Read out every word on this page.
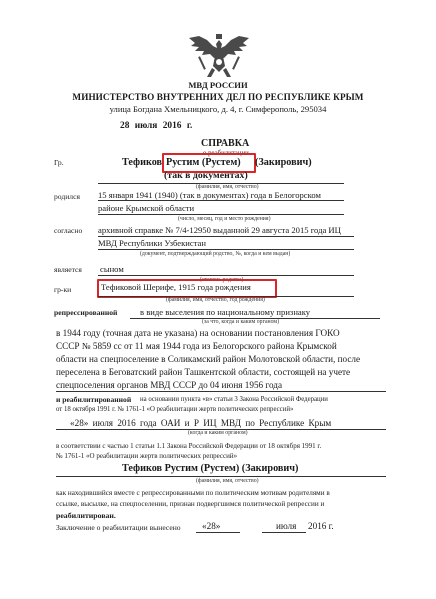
МВД РОССИИ
МИНИСТЕРСТВО ВНУТРЕННИХ ДЕЛ ПО РЕСПУБЛИКЕ КРЫМ
улица Богдана Хмельницкого, д. 4, г. Симферополь, 295034
28 июля 2016 г.
СПРАВКА
о реабилитации
Гр.	Тефиков Рустим (Рустем) (Закирович)
(так в документах)
(фамилия, имя, отчество)
родился 15 января 1941 (1940) (так в документах) года в Белогорском
районе Крымской области
(число, месяц, год и место рождения)
согласно архивной справке № 7/4-12950 выданной 29 августа 2015 года ИЦ
МВД Республики Узбекистан
(документ, подтверждающий родство, №, когда и кем выдан)
является сыном
(степень родства)
гр-ки	Тефиковой Шерифе, 1915 года рождения
(фамилия, имя, отчество, год рождения)
репрессированной	в виде выселения по национальному признаку
(за что, когда и каким органом)
в 1944 году (точная дата не указана) на основании постановления ГОКО
СССР № 5859 сс от 11 мая 1944 года из Белогорского района Крымской
области на спецпоселение в Соликамский район Молотовской области, после
переселена в Беговатский район Ташкентской области, состоящей на учете
спецпоселения органов МВД СССР до 04 июня 1956 года
и реабилитированной на основании пункта «в» статьи 3 Закона Российской Федерации
от 18 октября 1991 г. № 1761-1 «О реабилитации жертв политических репрессий»
«28» июля 2016 года ОАИ и Р ИЦ МВД по Республике Крым
(когда и каким органом)
в соответствии с частью 1 статьи 1.1 Закона Российской Федерации от 18 октября 1991 г.
№ 1761-1 «О реабилитации жертв политических репрессий»
Тефиков Рустим (Рустем) (Закирович)
(фамилия, имя, отчество)
как находившийся вместе с репрессированными по политическим мотивам родителями в
ссылке, высылке, на спецпоселении, признан подвергшимся политической репрессии и
реабилитирован.
Заключение о реабилитации вынесено «28»	июля 2016 г.
